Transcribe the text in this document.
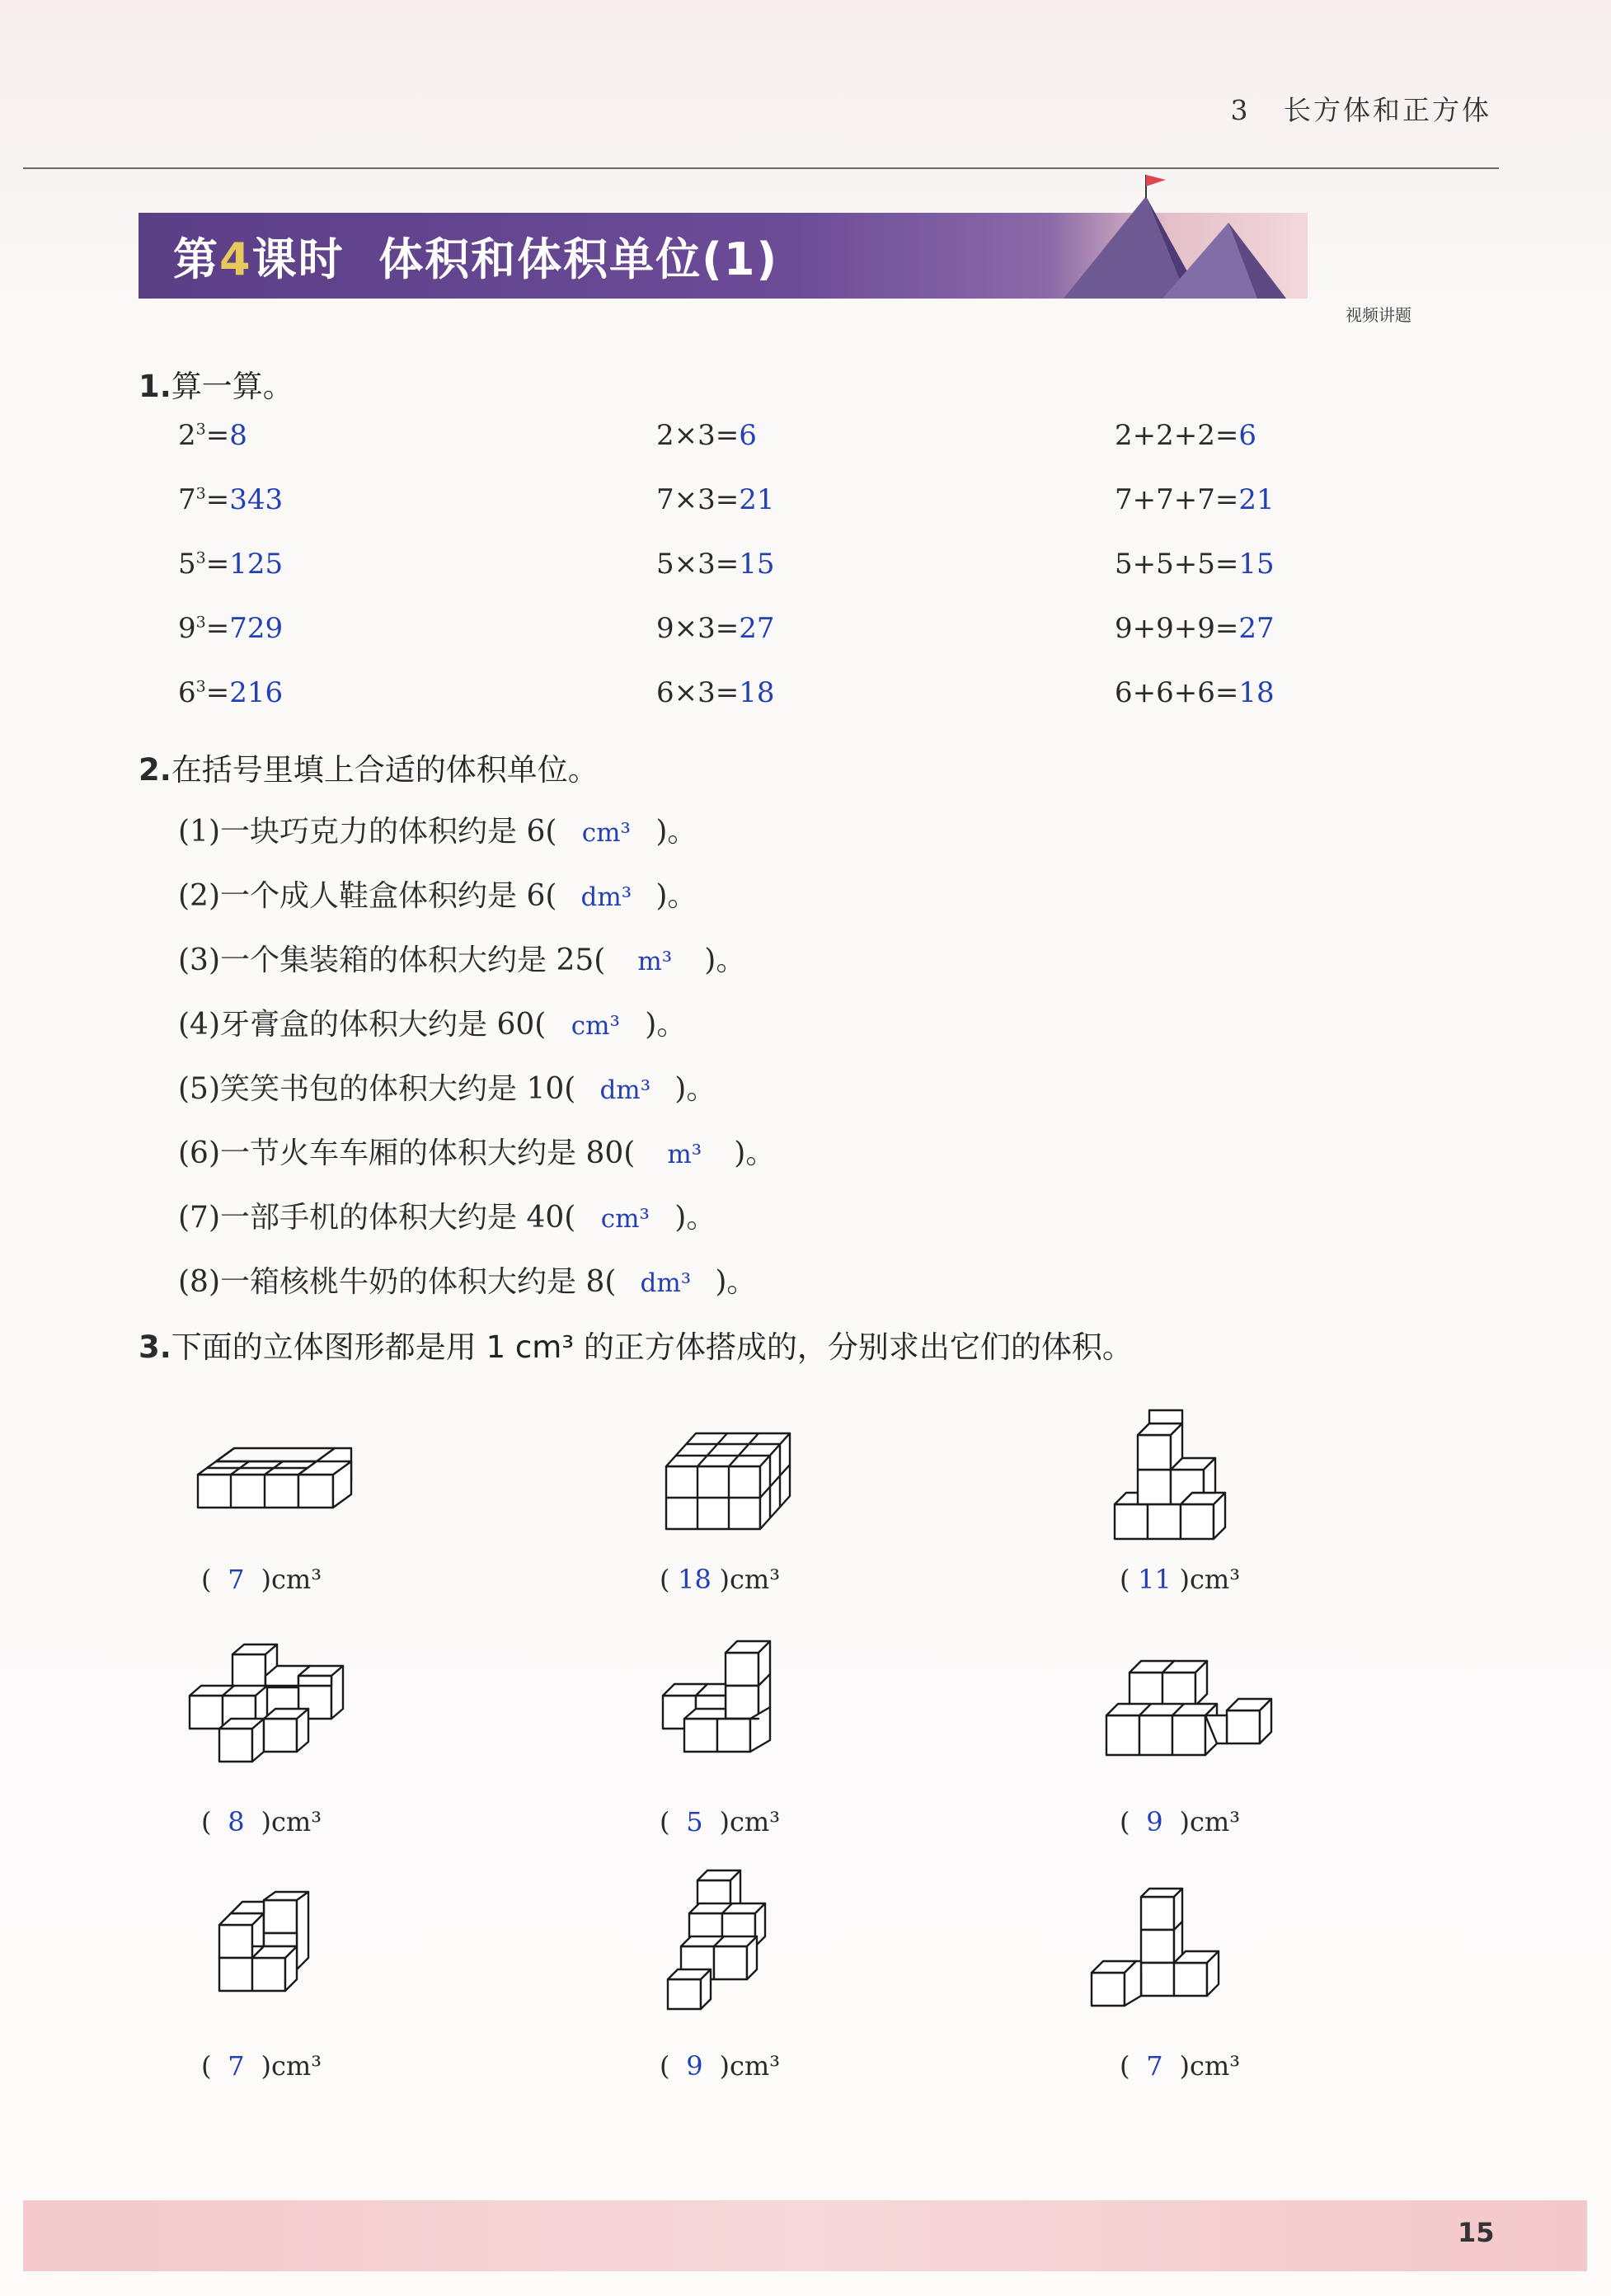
3 长方体和正方体
第4课时 体积和体积单位(1)
视频讲题
1.算一算。
$2^3=8$	2×3=6	2+2+2=6
$7^3=343$	7×3=21	7+7+7=21
$5^3=125$	5×3=15	5+5+5=15
$9^3=729$	9×3=27	9+9+9=27
$6^3=216$	6×3=18	6+6+6=18
2.在括号里填上合适的体积单位。
(1)一块巧克力的体积约是 6( cm³ )。
(2)一个成人鞋盒体积约是 6( dm³ )。
(3)一个集装箱的体积大约是 25( m³ )。
(4)牙膏盒的体积大约是 60( cm³ )。
(5)笑笑书包的体积大约是 10( dm³ )。
(6)一节火车车厢的体积大约是 80( m³ )。
(7)一部手机的体积大约是 40( cm³ )。
(8)一箱核桃牛奶的体积大约是 8( dm³ )。
3.下面的立体图形都是用 1 cm³ 的正方体搭成的，分别求出它们的体积。
( 7 )cm³	( 18 )cm³	( 11 )cm³
( 8 )cm³	( 5 )cm³	( 9 )cm³
( 7 )cm³	( 9 )cm³	( 7 )cm³
15
